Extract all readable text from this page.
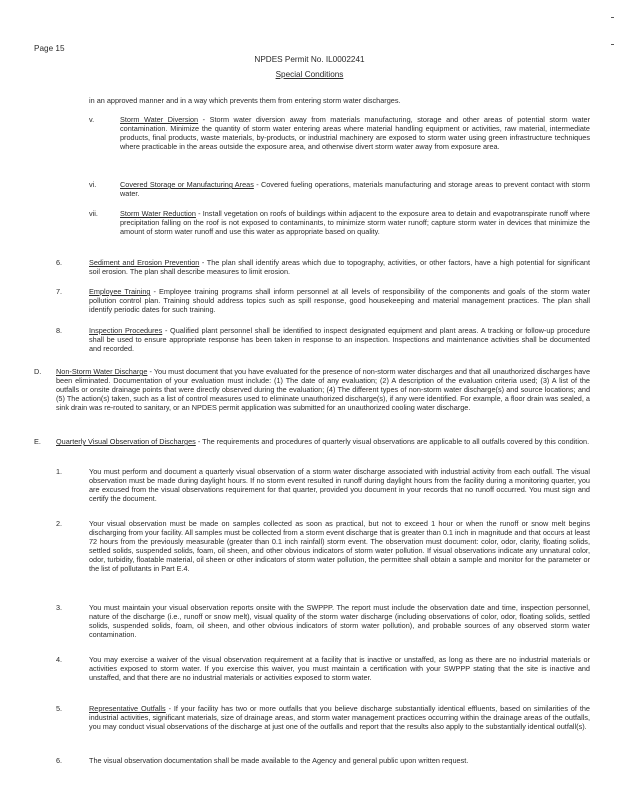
Page 15
NPDES Permit No. IL0002241
Special Conditions
in an approved manner and in a way which prevents them from entering storm water discharges.
v.	Storm Water Diversion - Storm water diversion away from materials manufacturing, storage and other areas of potential storm water contamination. Minimize the quantity of storm water entering areas where material handling equipment or activities, raw material, intermediate products, final products, waste materials, by-products, or industrial machinery are exposed to storm water using green infrastructure techniques where practicable in the areas outside the exposure area, and otherwise divert storm water away from exposure area.
vi.	Covered Storage or Manufacturing Areas - Covered fueling operations, materials manufacturing and storage areas to prevent contact with storm water.
vii.	Storm Water Reduction - Install vegetation on roofs of buildings within adjacent to the exposure area to detain and evapotranspirate runoff where precipitation falling on the roof is not exposed to contaminants, to minimize storm water runoff; capture storm water in devices that minimize the amount of storm water runoff and use this water as appropriate based on quality.
6.	Sediment and Erosion Prevention - The plan shall identify areas which due to topography, activities, or other factors, have a high potential for significant soil erosion. The plan shall describe measures to limit erosion.
7.	Employee Training - Employee training programs shall inform personnel at all levels of responsibility of the components and goals of the storm water pollution control plan. Training should address topics such as spill response, good housekeeping and material management practices. The plan shall identify periodic dates for such training.
8.	Inspection Procedures - Qualified plant personnel shall be identified to inspect designated equipment and plant areas. A tracking or follow-up procedure shall be used to ensure appropriate response has been taken in response to an inspection. Inspections and maintenance activities shall be documented and recorded.
D. Non-Storm Water Discharge - You must document that you have evaluated for the presence of non-storm water discharges and that all unauthorized discharges have been eliminated. Documentation of your evaluation must include: (1) The date of any evaluation; (2) A description of the evaluation criteria used; (3) A list of the outfalls or onsite drainage points that were directly observed during the evaluation; (4) The different types of non-storm water discharge(s) and source locations; and (5) The action(s) taken, such as a list of control measures used to eliminate unauthorized discharge(s), if any were identified. For example, a floor drain was sealed, a sink drain was re-routed to sanitary, or an NPDES permit application was submitted for an unauthorized cooling water discharge.
E. Quarterly Visual Observation of Discharges - The requirements and procedures of quarterly visual observations are applicable to all outfalls covered by this condition.
1.	You must perform and document a quarterly visual observation of a storm water discharge associated with industrial activity from each outfall. The visual observation must be made during daylight hours. If no storm event resulted in runoff during daylight hours from the facility during a monitoring quarter, you are excused from the visual observations requirement for that quarter, provided you document in your records that no runoff occurred. You must sign and certify the document.
2.	Your visual observation must be made on samples collected as soon as practical, but not to exceed 1 hour or when the runoff or snow melt begins discharging from your facility. All samples must be collected from a storm event discharge that is greater than 0.1 inch in magnitude and that occurs at least 72 hours from the previously measurable (greater than 0.1 inch rainfall) storm event. The observation must document: color, odor, clarity, floating solids, settled solids, suspended solids, foam, oil sheen, and other obvious indicators of storm water pollution. If visual observations indicate any unnatural color, odor, turbidity, floatable material, oil sheen or other indicators of storm water pollution, the permittee shall obtain a sample and monitor for the parameter or the list of pollutants in Part E.4.
3.	You must maintain your visual observation reports onsite with the SWPPP. The report must include the observation date and time, inspection personnel, nature of the discharge (i.e., runoff or snow melt), visual quality of the storm water discharge (including observations of color, odor, floating solids, settled solids, suspended solids, foam, oil sheen, and other obvious indicators of storm water pollution), and probable sources of any observed storm water contamination.
4.	You may exercise a waiver of the visual observation requirement at a facility that is inactive or unstaffed, as long as there are no industrial materials or activities exposed to storm water. If you exercise this waiver, you must maintain a certification with your SWPPP stating that the site is inactive and unstaffed, and that there are no industrial materials or activities exposed to storm water.
5.	Representative Outfalls - If your facility has two or more outfalls that you believe discharge substantially identical effluents, based on similarities of the industrial activities, significant materials, size of drainage areas, and storm water management practices occurring within the drainage areas of the outfalls, you may conduct visual observations of the discharge at just one of the outfalls and report that the results also apply to the substantially identical outfall(s).
6.	The visual observation documentation shall be made available to the Agency and general public upon written request.
